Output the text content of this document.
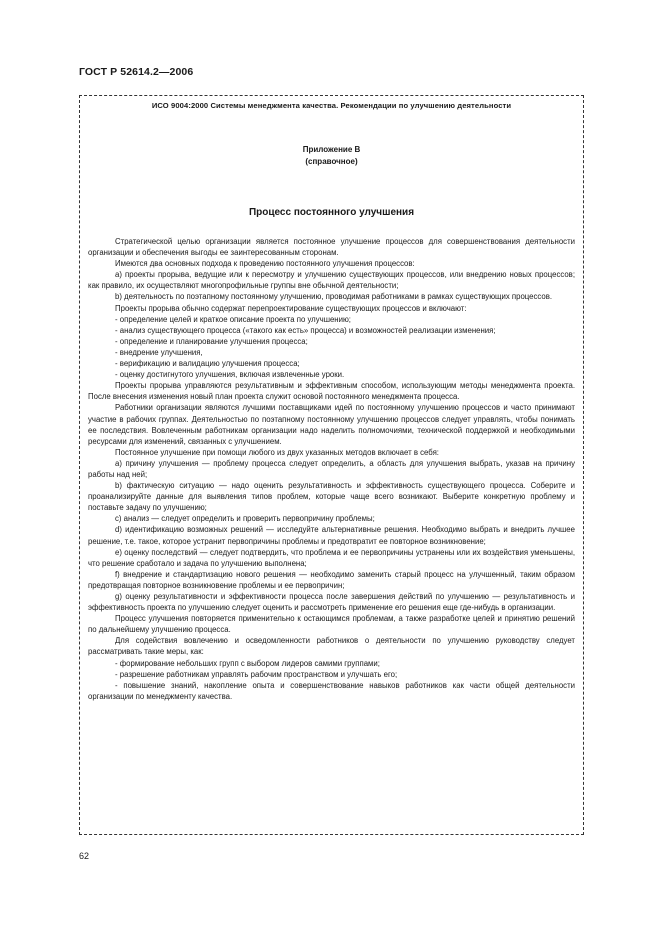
ГОСТ Р 52614.2—2006
ИСО 9004:2000 Системы менеджмента качества. Рекомендации по улучшению деятельности
Приложение В
(справочное)
Процесс постоянного улучшения

Стратегической целью организации является постоянное улучшение процессов для совершенствования деятельности организации и обеспечения выгоды ее заинтересованным сторонам.

Имеются два основных подхода к проведению постоянного улучшения процессов:

а) проекты прорыва, ведущие или к пересмотру и улучшению существующих процессов, или внедрению новых процессов; как правило, их осуществляют многопрофильные группы вне обычной деятельности;

b) деятельность по поэтапному постоянному улучшению, проводимая работниками в рамках существующих процессов.

Проекты прорыва обычно содержат перепроектирование существующих процессов и включают:

- определение целей и краткое описание проекта по улучшению;

- анализ существующего процесса («такого как есть» процесса) и возможностей реализации изменения;

- определение и планирование улучшения процесса;

- внедрение улучшения,

- верификацию и валидацию улучшения процесса;

- оценку достигнутого улучшения, включая извлеченные уроки.

Проекты прорыва управляются результативным и эффективным способом, использующим методы менеджмента проекта. После внесения изменения новый план проекта служит основой постоянного менеджмента процесса.

Работники организации являются лучшими поставщиками идей по постоянному улучшению процессов и часто принимают участие в рабочих группах. Деятельностью по поэтапному постоянному улучшению процессов следует управлять, чтобы понимать ее последствия. Вовлеченным работникам организации надо наделить полномочиями, технической поддержкой и необходимыми ресурсами для изменений, связанных с улучшением.

Постоянное улучшение при помощи любого из двух указанных методов включает в себя:

а) причину улучшения — проблему процесса следует определить, а область для улучшения выбрать, указав на причину работы над ней;

b) фактическую ситуацию — надо оценить результативность и эффективность существующего процесса. Соберите и проанализируйте данные для выявления типов проблем, которые чаще всего возникают. Выберите конкретную проблему и поставьте задачу по улучшению;

с) анализ — следует определить и проверить первопричину проблемы;

d) идентификацию возможных решений — исследуйте альтернативные решения. Необходимо выбрать и внедрить лучшее решение, т.е. такое, которое устранит первопричины проблемы и предотвратит ее повторное возникновение;

е) оценку последствий — следует подтвердить, что проблема и ее первопричины устранены или их воздействия уменьшены, что решение сработало и задача по улучшению выполнена;

f) внедрение и стандартизацию нового решения — необходимо заменить старый процесс на улучшенный, таким образом предотвращая повторное возникновение проблемы и ее первопричин;

g) оценку результативности и эффективности процесса после завершения действий по улучшению — результативность и эффективность проекта по улучшению следует оценить и рассмотреть применение его решения еще где-нибудь в организации.

Процесс улучшения повторяется применительно к остающимся проблемам, а также разработке целей и принятию решений по дальнейшему улучшению процесса.

Для содействия вовлечению и осведомленности работников о деятельности по улучшению руководству следует рассматривать такие меры, как:

- формирование небольших групп с выбором лидеров самими группами;

- разрешение работникам управлять рабочим пространством и улучшать его;

- повышение знаний, накопление опыта и совершенствование навыков работников как части общей деятельности организации по менеджменту качества.

62
